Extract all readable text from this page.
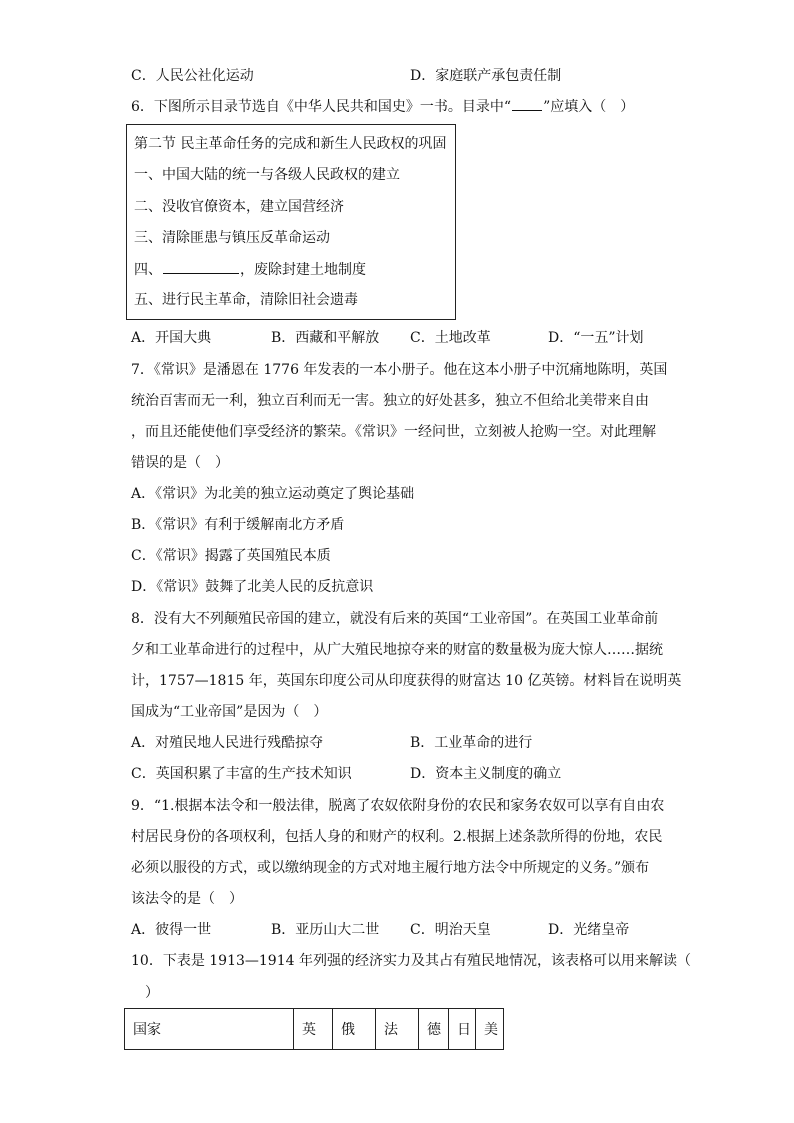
C．人民公社化运动	D．家庭联产承包责任制
6．下图所示目录节选自《中华人民共和国史》一书。目录中“ ”应填入（　）
第二节 民主革命任务的完成和新生人民政权的巩固
一、中国大陆的统一与各级人民政权的建立
二、没收官僚资本，建立国营经济
三、清除匪患与镇压反革命运动
四、	，废除封建土地制度
五、进行民主革命，清除旧社会遗毒
A．开国大典	B．西藏和平解放 C．土地改革	D．“一五”计划
7．《常识》是潘恩在 1776 年发表的一本小册子。他在这本小册子中沉痛地陈明，英国
统治百害而无一利，独立百利而无一害。独立的好处甚多，独立不但给北美带来自由
，而且还能使他们享受经济的繁荣。《常识》一经问世，立刻被人抢购一空。对此理解
错误的是（　）
A．《常识》为北美的独立运动奠定了舆论基础
B．《常识》有利于缓解南北方矛盾
C．《常识》揭露了英国殖民本质
D．《常识》鼓舞了北美人民的反抗意识
8．没有大不列颠殖民帝国的建立，就没有后来的英国“工业帝国”。在英国工业革命前
夕和工业革命进行的过程中，从广大殖民地掠夺来的财富的数量极为庞大惊人……据统
计，1757—1815 年，英国东印度公司从印度获得的财富达 10 亿英镑。材料旨在说明英
国成为“工业帝国”是因为（　）
A．对殖民地人民进行残酷掠夺	B．工业革命的进行
C．英国积累了丰富的生产技术知识	D．资本主义制度的确立
9．“1.根据本法令和一般法律，脱离了农奴依附身份的农民和家务农奴可以享有自由农
村居民身份的各项权利，包括人身的和财产的权利。2.根据上述条款所得的份地，农民
必须以服役的方式，或以缴纳现金的方式对地主履行地方法令中所规定的义务。”颁布
该法令的是（　）
A．彼得一世	B．亚历山大二世 C．明治天皇	D．光绪皇帝
10．下表是 1913—1914 年列强的经济实力及其占有殖民地情况，该表格可以用来解读（
　）
国家	英	俄	法	德	日	美
